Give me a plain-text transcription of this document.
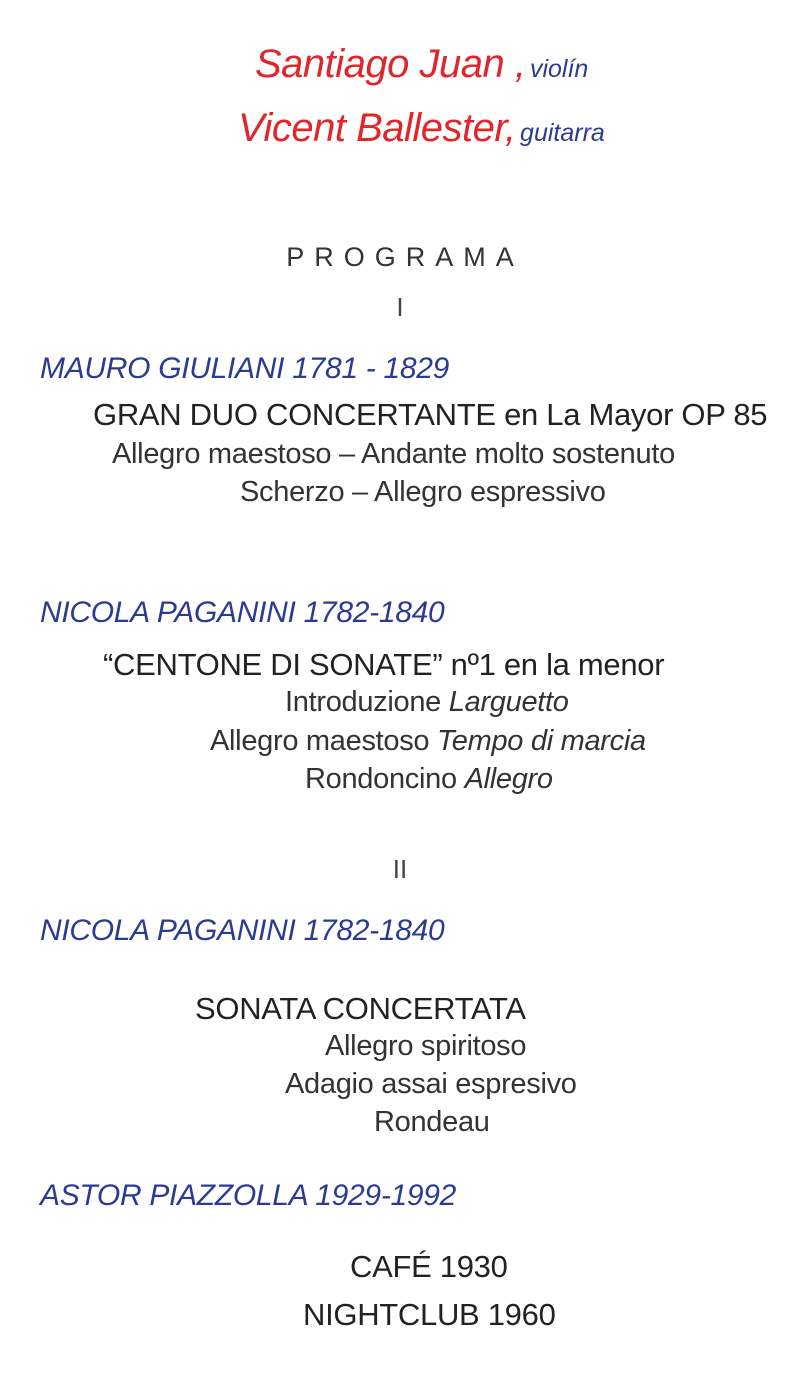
Santiago Juan , violín
Vicent Ballester, guitarra
PROGRAMA
I
MAURO GIULIANI 1781 - 1829
GRAN DUO CONCERTANTE en La Mayor OP 85
Allegro maestoso – Andante molto sostenuto
Scherzo – Allegro espressivo
NICOLA PAGANINI 1782-1840
“CENTONE DI SONATE” nº1 en la menor
Introduzione Larguetto
Allegro maestoso Tempo di marcia
Rondoncino Allegro
II
NICOLA PAGANINI 1782-1840
SONATA CONCERTATA
Allegro spiritoso
Adagio assai espresivo
Rondeau
ASTOR PIAZZOLLA 1929-1992
CAFÉ 1930
NIGHTCLUB 1960
